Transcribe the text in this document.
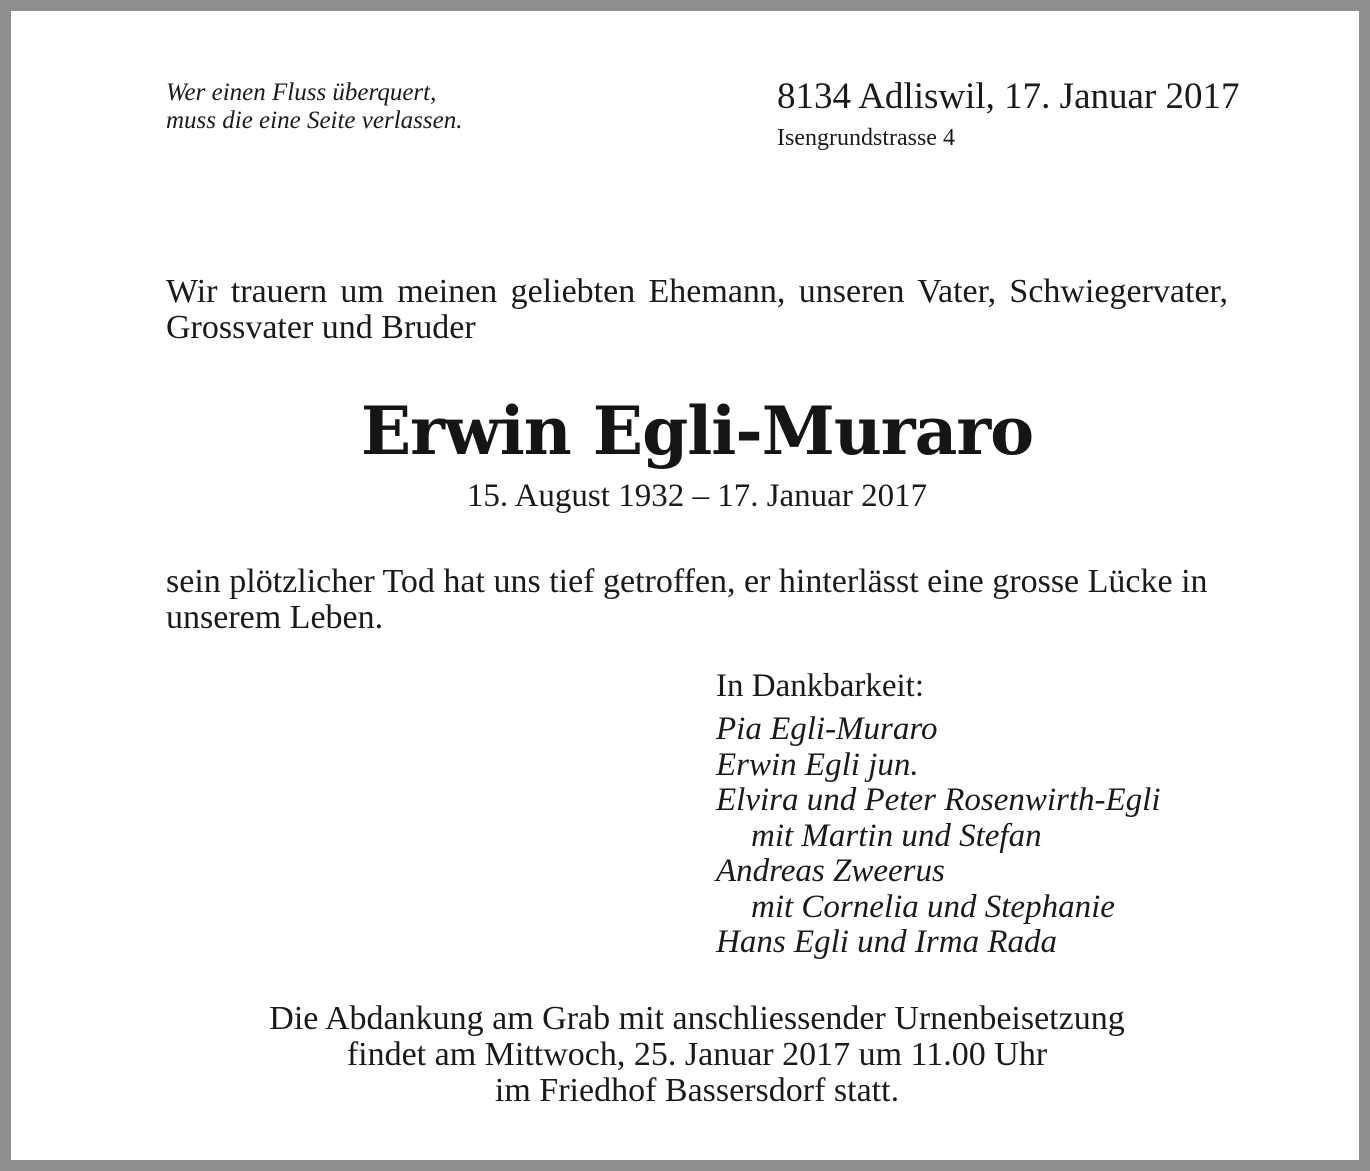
Wer einen Fluss überquert,
muss die eine Seite verlassen.
8134 Adliswil, 17. Januar 2017
Isengrundstrasse 4
Wir trauern um meinen geliebten Ehemann, unseren Vater, Schwiegervater, Grossvater und Bruder
Erwin Egli-Muraro
15. August 1932 – 17. Januar 2017
sein plötzlicher Tod hat uns tief getroffen, er hinterlässt eine grosse Lücke in unserem Leben.
In Dankbarkeit:
Pia Egli-Muraro
Erwin Egli jun.
Elvira und Peter Rosenwirth-Egli
mit Martin und Stefan
Andreas Zweerus
mit Cornelia und Stephanie
Hans Egli und Irma Rada
Die Abdankung am Grab mit anschliessender Urnenbeisetzung
findet am Mittwoch, 25. Januar 2017 um 11.00 Uhr
im Friedhof Bassersdorf statt.
